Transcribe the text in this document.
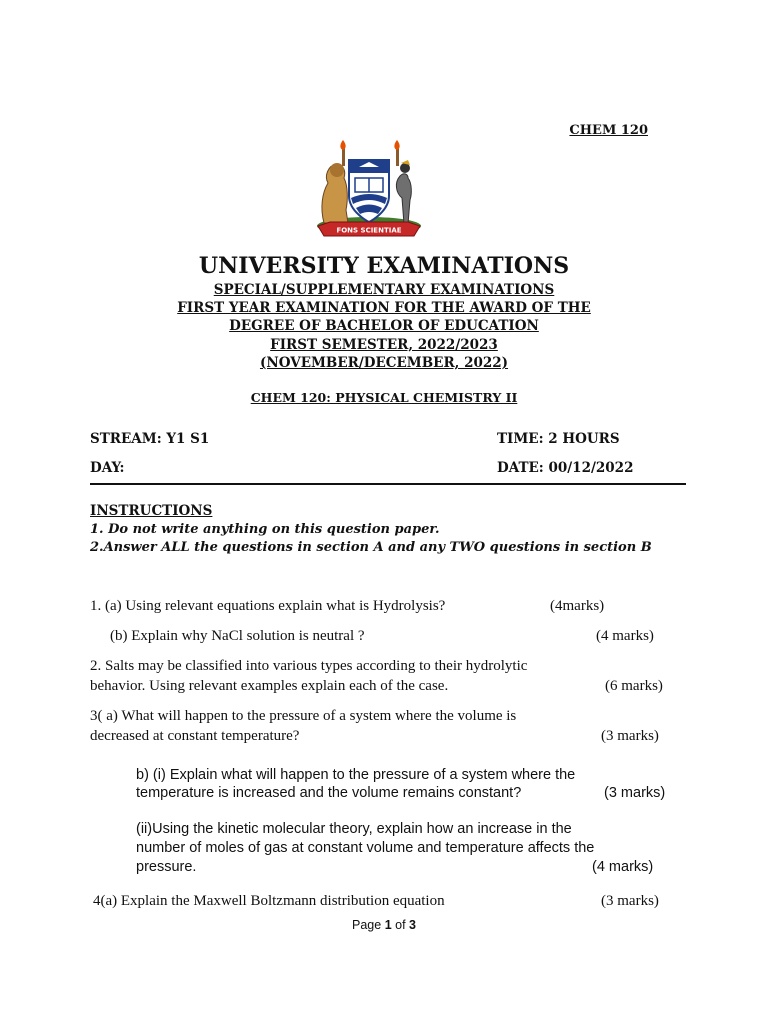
CHEM 120
FONS SCIENTIAE
UNIVERSITY EXAMINATIONS
SPECIAL/SUPPLEMENTARY EXAMINATIONS
FIRST YEAR EXAMINATION FOR THE AWARD OF THE
DEGREE OF BACHELOR OF EDUCATION
FIRST SEMESTER, 2022/2023
(NOVEMBER/DECEMBER, 2022)
CHEM 120: PHYSICAL CHEMISTRY II
STREAM: Y1 S1	TIME: 2 HOURS
DAY:	DATE: 00/12/2022
INSTRUCTIONS
1. Do not write anything on this question paper.
2.Answer ALL the questions in section A and any TWO questions in section B
1. (a) Using relevant equations explain what is Hydrolysis?	(4marks)
(b) Explain why NaCl solution is neutral ?	(4 marks)
2. Salts may be classified into various types according to their hydrolytic
behavior. Using relevant examples explain each of the case.	(6 marks)
3( a) What will happen to the pressure of a system where the volume is
decreased at constant temperature?	(3 marks)
b) (i) Explain what will happen to the pressure of a system where the
temperature is increased and the volume remains constant?	(3 marks)
(ii)Using the kinetic molecular theory, explain how an increase in the
number of moles of gas at constant volume and temperature affects the
pressure.	(4 marks)
4(a) Explain the Maxwell Boltzmann distribution equation	(3 marks)
Page 1 of 3
